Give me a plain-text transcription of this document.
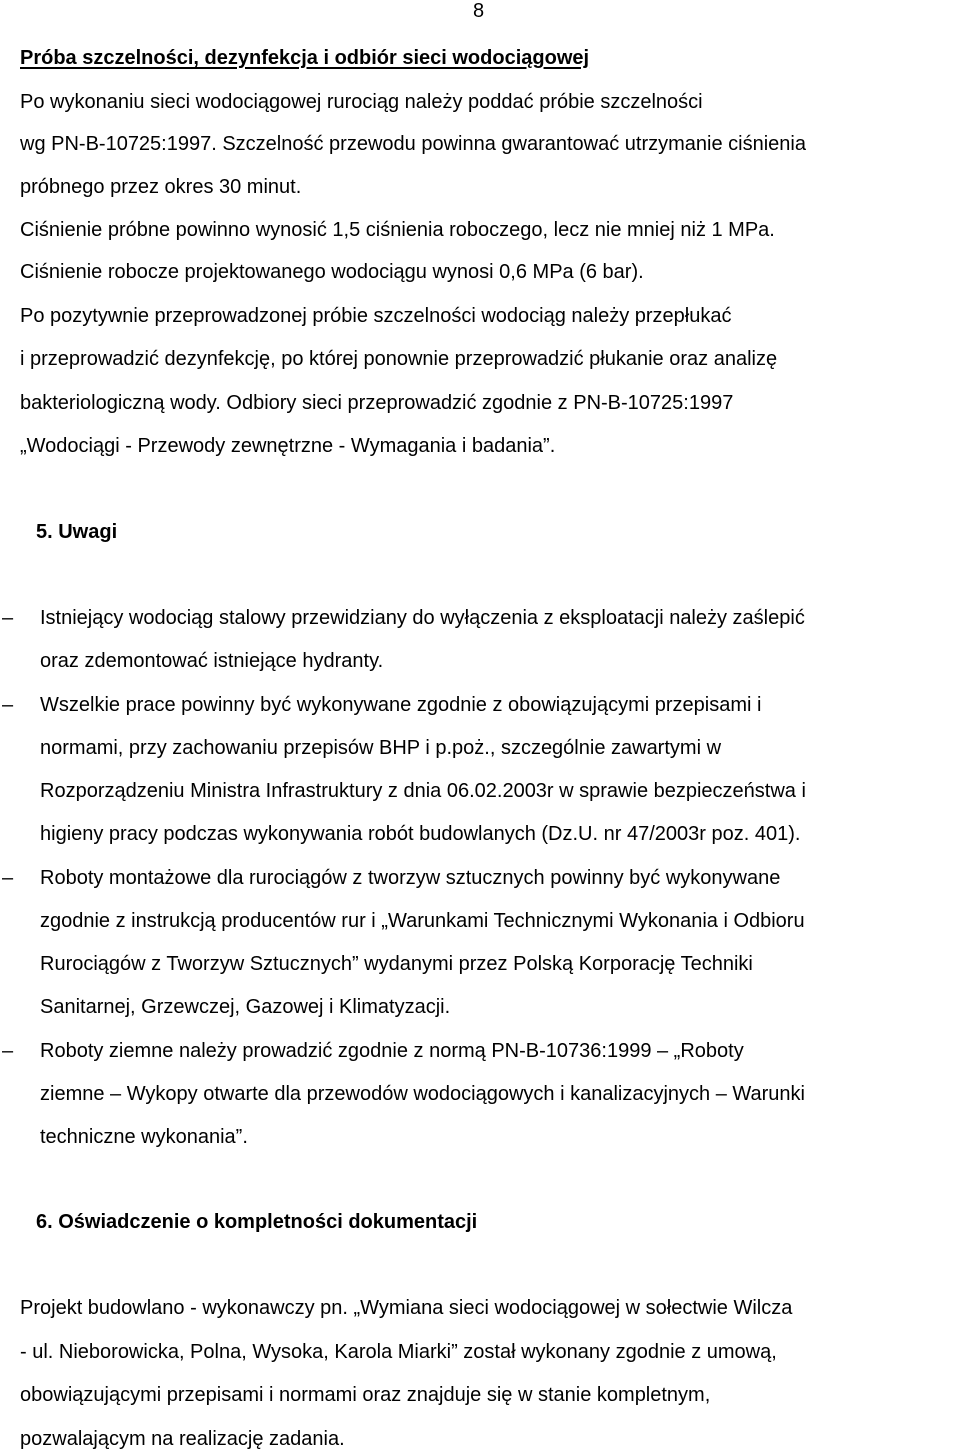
8
Próba szczelności, dezynfekcja i odbiór sieci wodociągowej
Po wykonaniu sieci wodociągowej rurociąg należy poddać próbie szczelności
wg PN-B-10725:1997. Szczelność przewodu powinna gwarantować utrzymanie ciśnienia
próbnego przez okres 30 minut.
Ciśnienie próbne powinno wynosić 1,5 ciśnienia roboczego, lecz nie mniej niż 1 MPa.
Ciśnienie robocze projektowanego wodociągu wynosi 0,6 MPa (6 bar).
Po pozytywnie przeprowadzonej próbie szczelności wodociąg należy przepłukać
i przeprowadzić dezynfekcję, po której ponownie przeprowadzić płukanie oraz analizę
bakteriologiczną wody. Odbiory sieci przeprowadzić zgodnie z PN-B-10725:1997
„Wodociągi - Przewody zewnętrzne - Wymagania i badania”.
5. Uwagi
– Istniejący wodociąg stalowy przewidziany do wyłączenia z eksploatacji należy zaślepić
oraz zdemontować istniejące hydranty.
– Wszelkie prace powinny być wykonywane zgodnie z obowiązującymi przepisami i
normami, przy zachowaniu przepisów BHP i p.poż., szczególnie zawartymi w
Rozporządzeniu Ministra Infrastruktury z dnia 06.02.2003r w sprawie bezpieczeństwa i
higieny pracy podczas wykonywania robót budowlanych (Dz.U. nr 47/2003r poz. 401).
– Roboty montażowe dla rurociągów z tworzyw sztucznych powinny być wykonywane
zgodnie z instrukcją producentów rur i „Warunkami Technicznymi Wykonania i Odbioru
Rurociągów z Tworzyw Sztucznych” wydanymi przez Polską Korporację Techniki
Sanitarnej, Grzewczej, Gazowej i Klimatyzacji.
– Roboty ziemne należy prowadzić zgodnie z normą PN-B-10736:1999 – „Roboty
ziemne – Wykopy otwarte dla przewodów wodociągowych i kanalizacyjnych – Warunki
techniczne wykonania”.
6. Oświadczenie o kompletności dokumentacji
Projekt budowlano - wykonawczy pn. „Wymiana sieci wodociągowej w sołectwie Wilcza
- ul. Nieborowicka, Polna, Wysoka, Karola Miarki” został wykonany zgodnie z umową,
obowiązującymi przepisami i normami oraz znajduje się w stanie kompletnym,
pozwalającym na realizację zadania.
